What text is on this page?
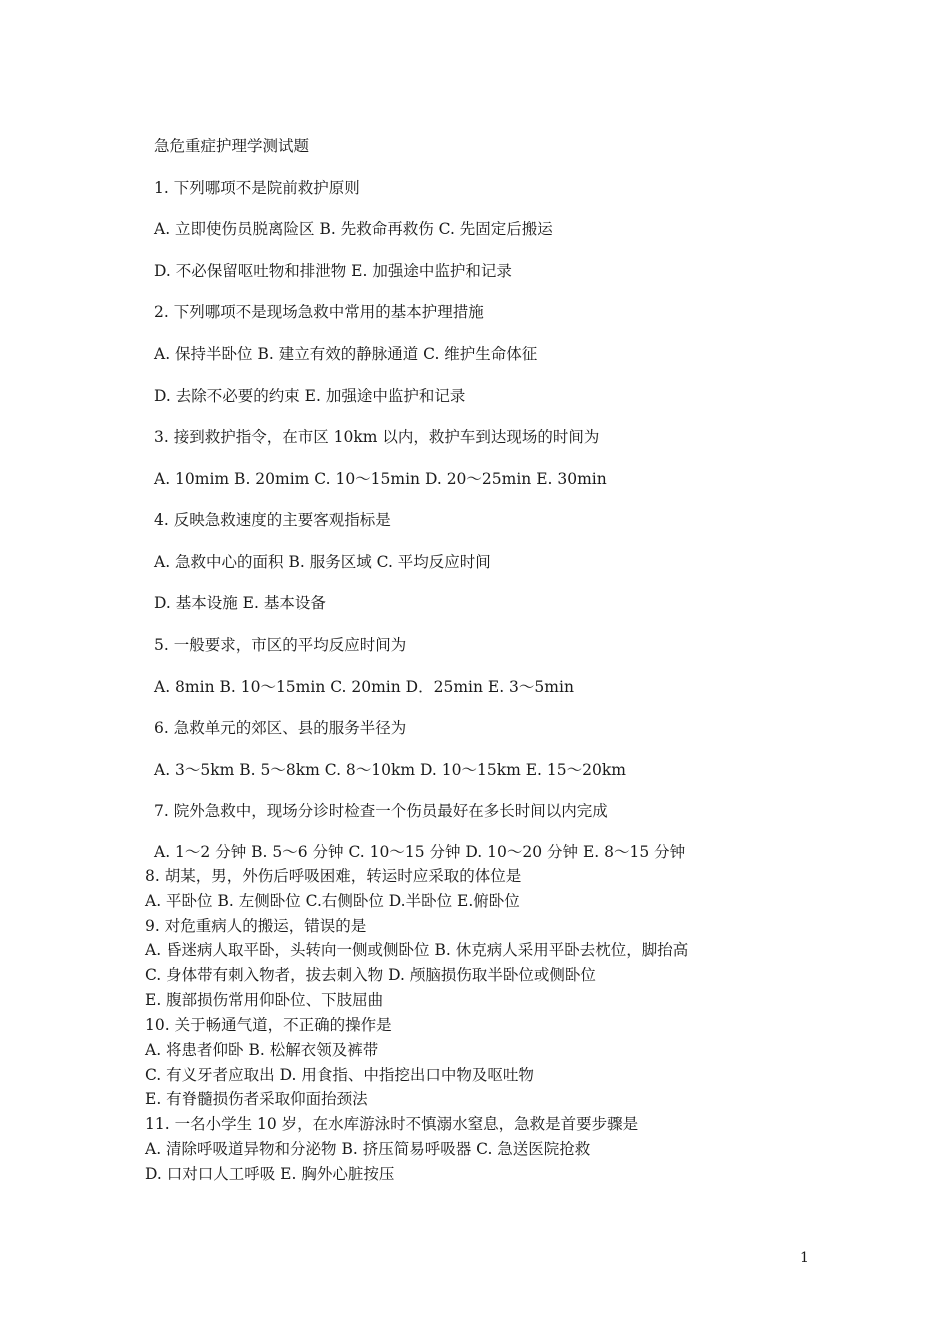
急危重症护理学测试题
1. 下列哪项不是院前救护原则
A. 立即使伤员脱离险区 B. 先救命再救伤 C. 先固定后搬运
D. 不必保留呕吐物和排泄物 E. 加强途中监护和记录
2. 下列哪项不是现场急救中常用的基本护理措施
A. 保持半卧位 B. 建立有效的静脉通道 C. 维护生命体征
D. 去除不必要的约束 E. 加强途中监护和记录
3. 接到救护指令，在市区 10km 以内，救护车到达现场的时间为
A. 10mim B. 20mim C. 10～15min D. 20～25min E. 30min
4. 反映急救速度的主要客观指标是
A. 急救中心的面积 B. 服务区域 C. 平均反应时间
D. 基本设施 E. 基本设备
5. 一般要求，市区的平均反应时间为
A. 8min B. 10～15min C. 20min D．25min E. 3～5min
6. 急救单元的郊区、县的服务半径为
A. 3～5km B. 5～8km C. 8～10km D. 10～15km E. 15～20km
7. 院外急救中，现场分诊时检查一个伤员最好在多长时间以内完成
A. 1～2 分钟 B. 5～6 分钟 C. 10～15 分钟 D. 10～20 分钟 E. 8～15 分钟
8. 胡某，男，外伤后呼吸困难，转运时应采取的体位是
A. 平卧位 B. 左侧卧位 C.右侧卧位 D.半卧位 E.俯卧位
9. 对危重病人的搬运，错误的是
A. 昏迷病人取平卧，头转向一侧或侧卧位 B. 休克病人采用平卧去枕位，脚抬高
C. 身体带有刺入物者，拔去刺入物 D. 颅脑损伤取半卧位或侧卧位
E. 腹部损伤常用仰卧位、下肢屈曲
10. 关于畅通气道，不正确的操作是
A. 将患者仰卧 B. 松解衣领及裤带
C. 有义牙者应取出 D. 用食指、中指挖出口中物及呕吐物
E. 有脊髓损伤者采取仰面抬颈法
11. 一名小学生 10 岁，在水库游泳时不慎溺水窒息，急救是首要步骤是
A. 清除呼吸道异物和分泌物 B. 挤压简易呼吸器 C. 急送医院抢救
D. 口对口人工呼吸 E. 胸外心脏按压
1
